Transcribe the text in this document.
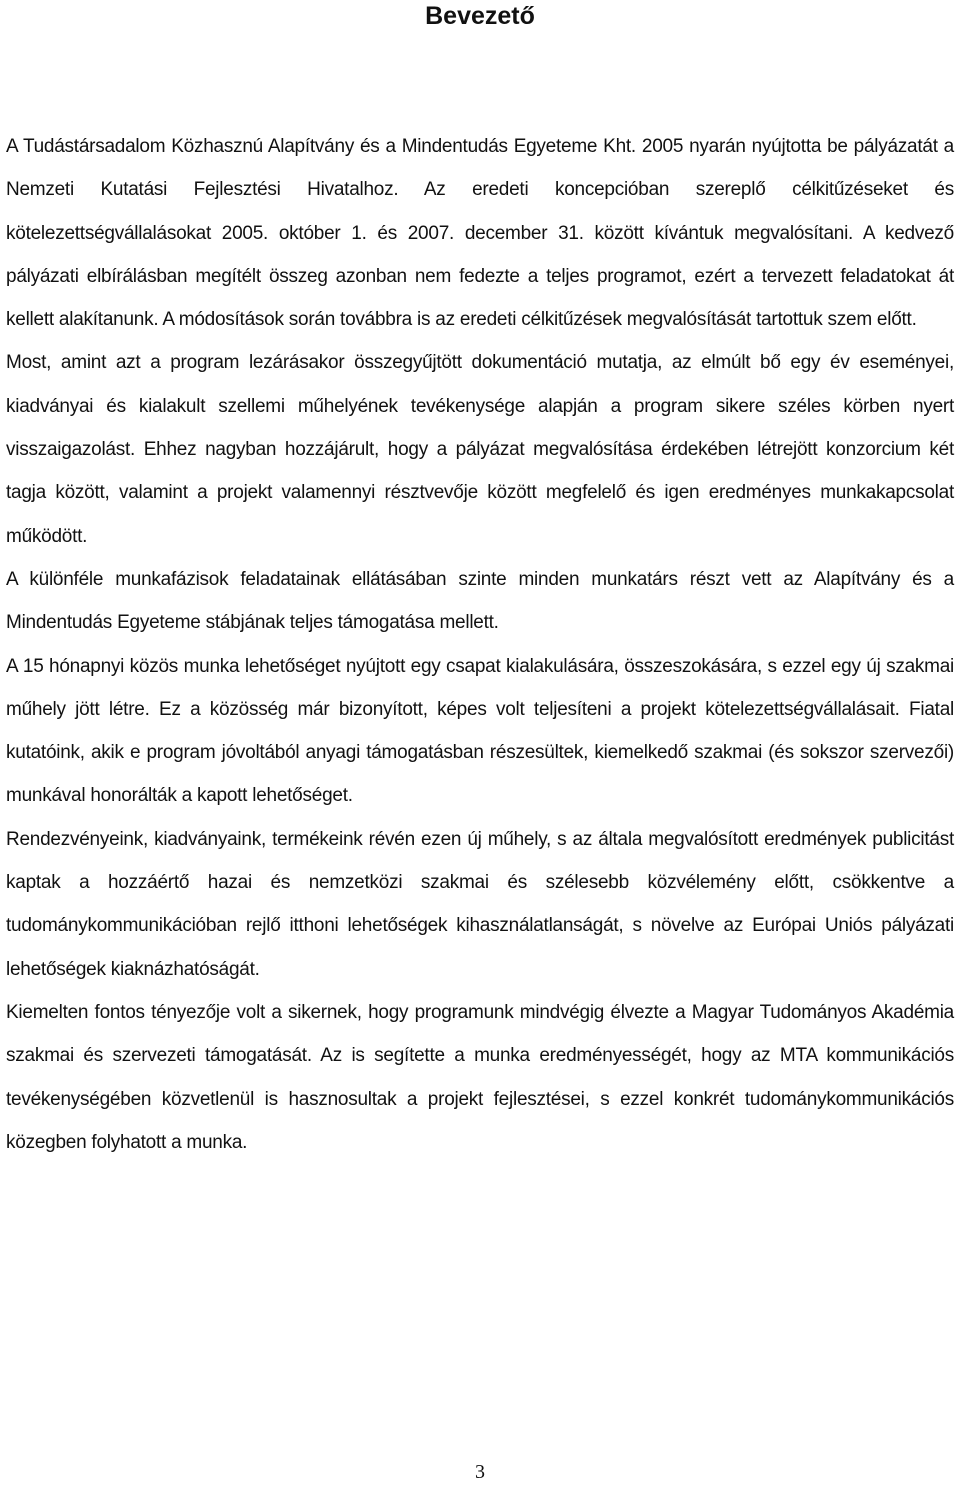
Bevezető

A Tudástársadalom Közhasznú Alapítvány és a Mindentudás Egyeteme Kht. 2005 nyarán nyújtotta be pályázatát a Nemzeti Kutatási Fejlesztési Hivatalhoz. Az eredeti koncepcióban szereplő célkitűzéseket és kötelezettségvállalásokat 2005. október 1. és 2007. december 31. között kívántuk megvalósítani. A kedvező pályázati elbírálásban megítélt összeg azonban nem fedezte a teljes programot, ezért a tervezett feladatokat át kellett alakítanunk. A módosítások során továbbra is az eredeti célkitűzések megvalósítását tartottuk szem előtt.

Most, amint azt a program lezárásakor összegyűjtött dokumentáció mutatja, az elmúlt bő egy év eseményei, kiadványai és kialakult szellemi műhelyének tevékenysége alapján a program sikere széles körben nyert visszaigazolást. Ehhez nagyban hozzájárult, hogy a pályázat megvalósítása érdekében létrejött konzorcium két tagja között, valamint a projekt valamennyi résztvevője között megfelelő és igen eredményes munkakapcsolat működött.

A különféle munkafázisok feladatainak ellátásában szinte minden munkatárs részt vett az Alapítvány és a Mindentudás Egyeteme stábjának teljes támogatása mellett.

A 15 hónapnyi közös munka lehetőséget nyújtott egy csapat kialakulására, összeszokására, s ezzel egy új szakmai műhely jött létre. Ez a közösség már bizonyított, képes volt teljesíteni a projekt kötelezettségvállalásait. Fiatal kutatóink, akik e program jóvoltából anyagi támogatásban részesültek, kiemelkedő szakmai (és sokszor szervezői) munkával honorálták a kapott lehetőséget.

Rendezvényeink, kiadványaink, termékeink révén ezen új műhely, s az általa megvalósított eredmények publicitást kaptak a hozzáértő hazai és nemzetközi szakmai és szélesebb közvélemény előtt, csökkentve a tudománykommunikációban rejlő itthoni lehetőségek kihasználatlanságát, s növelve az Európai Uniós pályázati lehetőségek kiaknázhatóságát.

Kiemelten fontos tényezője volt a sikernek, hogy programunk mindvégig élvezte a Magyar Tudományos Akadémia szakmai és szervezeti támogatását. Az is segítette a munka eredményességét, hogy az MTA kommunikációs tevékenységében közvetlenül is hasznosultak a projekt fejlesztései, s ezzel konkrét tudománykommunikációs közegben folyhatott a munka.

3
